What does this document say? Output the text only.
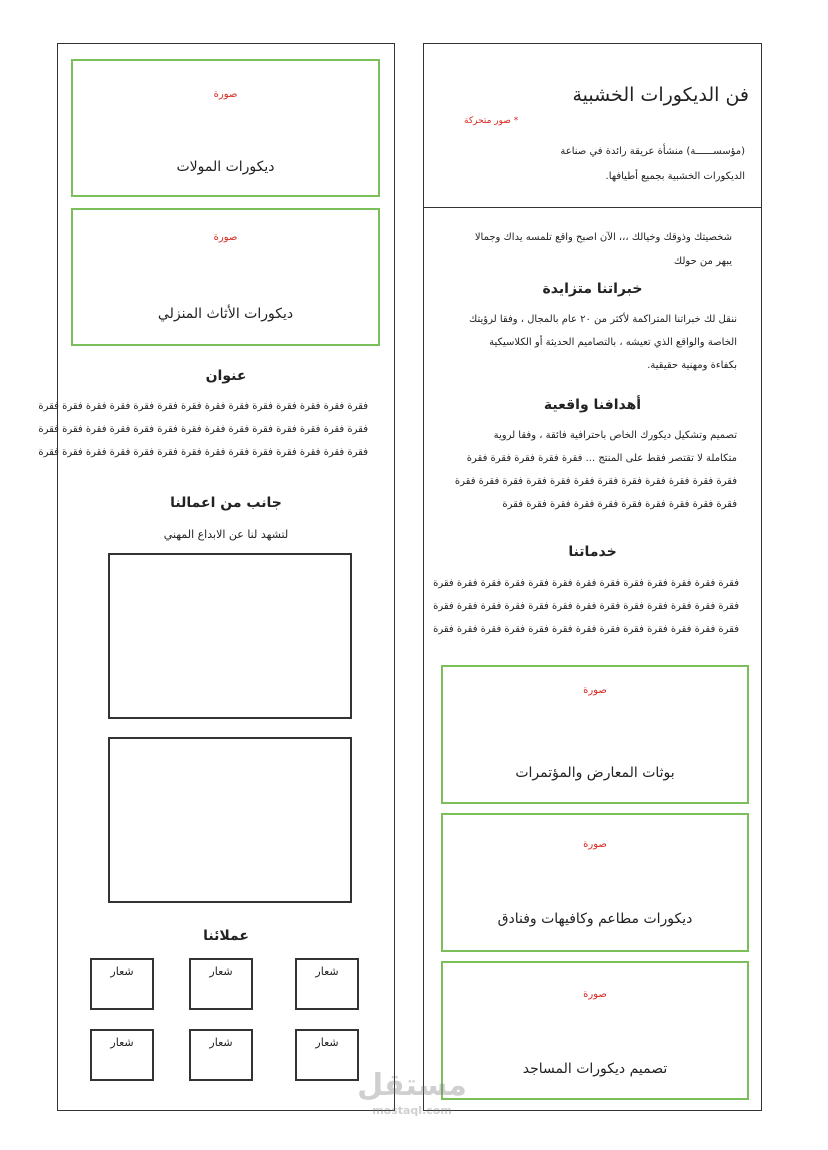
صورة
ديكورات المولات
صورة
ديكورات الأثاث المنزلي
عنوان
فقرة فقرة فقرة فقرة فقرة فقرة فقرة فقرة فقرة فقرة فقرة فقرة فقرة فقرة
فقرة فقرة فقرة فقرة فقرة فقرة فقرة فقرة فقرة فقرة فقرة فقرة فقرة فقرة
فقرة فقرة فقرة فقرة فقرة فقرة فقرة فقرة فقرة فقرة فقرة فقرة فقرة فقرة
جانب من اعمالنا
لتشهد لنا عن الابداع المهني
عملائنا
شعار	شعار	شعار
شعار	شعار	شعار
فن الديكورات الخشبية
* صور متحركة
(مؤسســــــة) منشأة عريقة رائدة في صناعة
الديكورات الخشبية بجميع أطيافها.
شخصيتك وذوقك وخيالك ،،، الآن اصبح واقع تلمسه يداك وجمالا
يبهر من حولك
خبراتنا متزايدة
ننقل لك خبراتنا المتراكمة لأكثر من ٢٠ عام بالمجال ، وفقا لرؤيتك
الخاصة والواقع الذي تعيشه ، بالتصاميم الحديثة أو الكلاسيكية
بكفاءة ومهنية حقيقية.
أهدافنا واقعية
تصميم وتشكيل ديكورك الخاص باحترافية فائقة ، وفقا لروية
متكاملة لا تقتصر فقط على المنتج ... فقرة فقرة فقرة فقرة فقرة
فقرة فقرة فقرة فقرة فقرة فقرة فقرة فقرة فقرة فقرة فقرة فقرة
فقرة فقرة فقرة فقرة فقرة فقرة فقرة فقرة فقرة فقرة
خدماتنا
فقرة فقرة فقرة فقرة فقرة فقرة فقرة فقرة فقرة فقرة فقرة فقرة فقرة
فقرة فقرة فقرة فقرة فقرة فقرة فقرة فقرة فقرة فقرة فقرة فقرة فقرة
فقرة فقرة فقرة فقرة فقرة فقرة فقرة فقرة فقرة فقرة فقرة فقرة فقرة
صورة
بوثات المعارض والمؤتمرات
صورة
ديكورات مطاعم وكافيهات وفنادق
صورة
تصميم ديكورات المساجد
مستقل
mostaql.com
